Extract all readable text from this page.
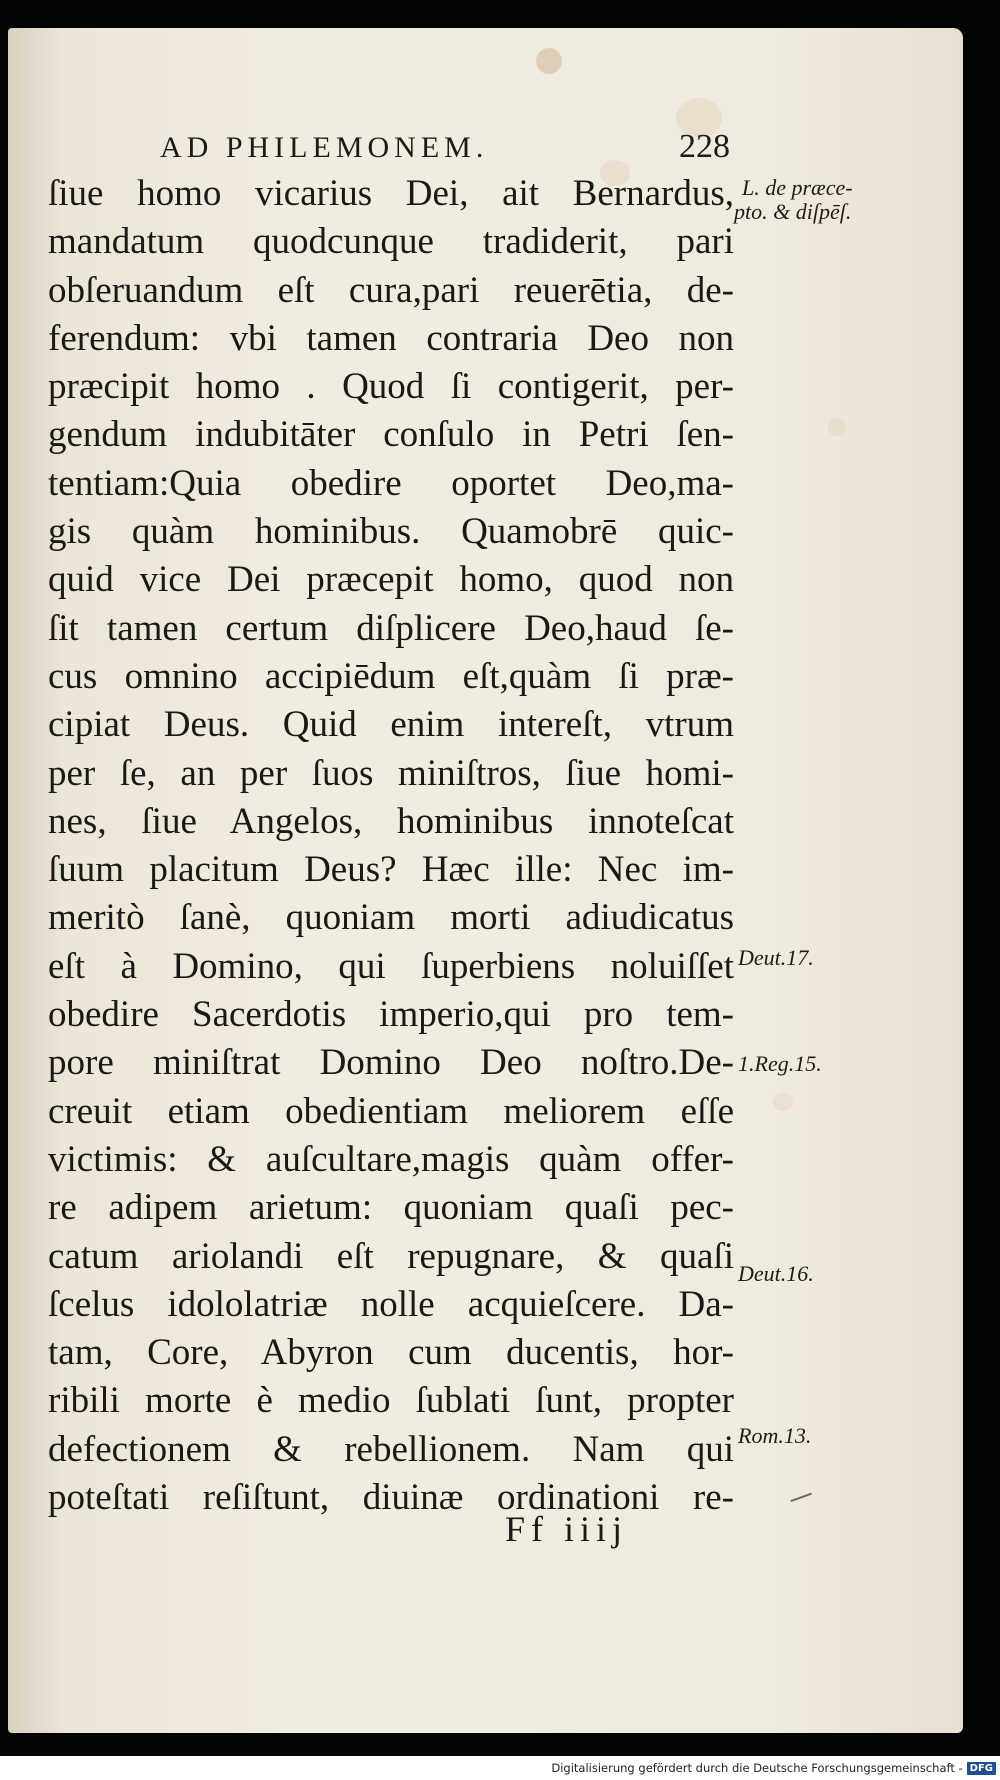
AD PHILEMONEM.	228
ſiue homo vicarius Dei, ait Bernardus,
mandatum quodcunque tradiderit, pari
obſeruandum eſt cura,pari reuerētia, de-
ferendum: vbi tamen contraria Deo non
præcipit homo . Quod ſi contigerit, per-
gendum indubitāter conſulo in Petri ſen-
tentiam:Quia obedire oportet Deo,ma-
gis quàm hominibus. Quamobrē quic-
quid vice Dei præcepit homo, quod non
ſit tamen certum diſplicere Deo,haud ſe-
cus omnino accipiēdum eſt,quàm ſi præ-
cipiat Deus. Quid enim intereſt, vtrum
per ſe, an per ſuos miniſtros, ſiue homi-
nes, ſiue Angelos, hominibus innoteſcat
ſuum placitum Deus? Hæc ille: Nec im-
meritò ſanè, quoniam morti adiudicatus
eſt à Domino, qui ſuperbiens noluiſſet
obedire Sacerdotis imperio,qui pro tem-
pore miniſtrat Domino Deo noſtro.De-
creuit etiam obedientiam meliorem eſſe
victimis: & auſcultare,magis quàm offer-
re adipem arietum: quoniam quaſi pec-
catum ariolandi eſt repugnare, & quaſi
ſcelus idololatriæ nolle acquieſcere. Da-
tam, Core, Abyron cum ducentis, hor-
ribili morte è medio ſublati ſunt, propter
defectionem & rebellionem. Nam qui
poteſtati reſiſtunt, diuinæ ordinationi re-
L. de præce-
pto. & diſpēſ.
Deut.17.
1.Reg.15.
Deut.16.
Rom.13.
Ff iiij
Digitalisierung gefördert durch die Deutsche Forschungsgemeinschaft - DFG
